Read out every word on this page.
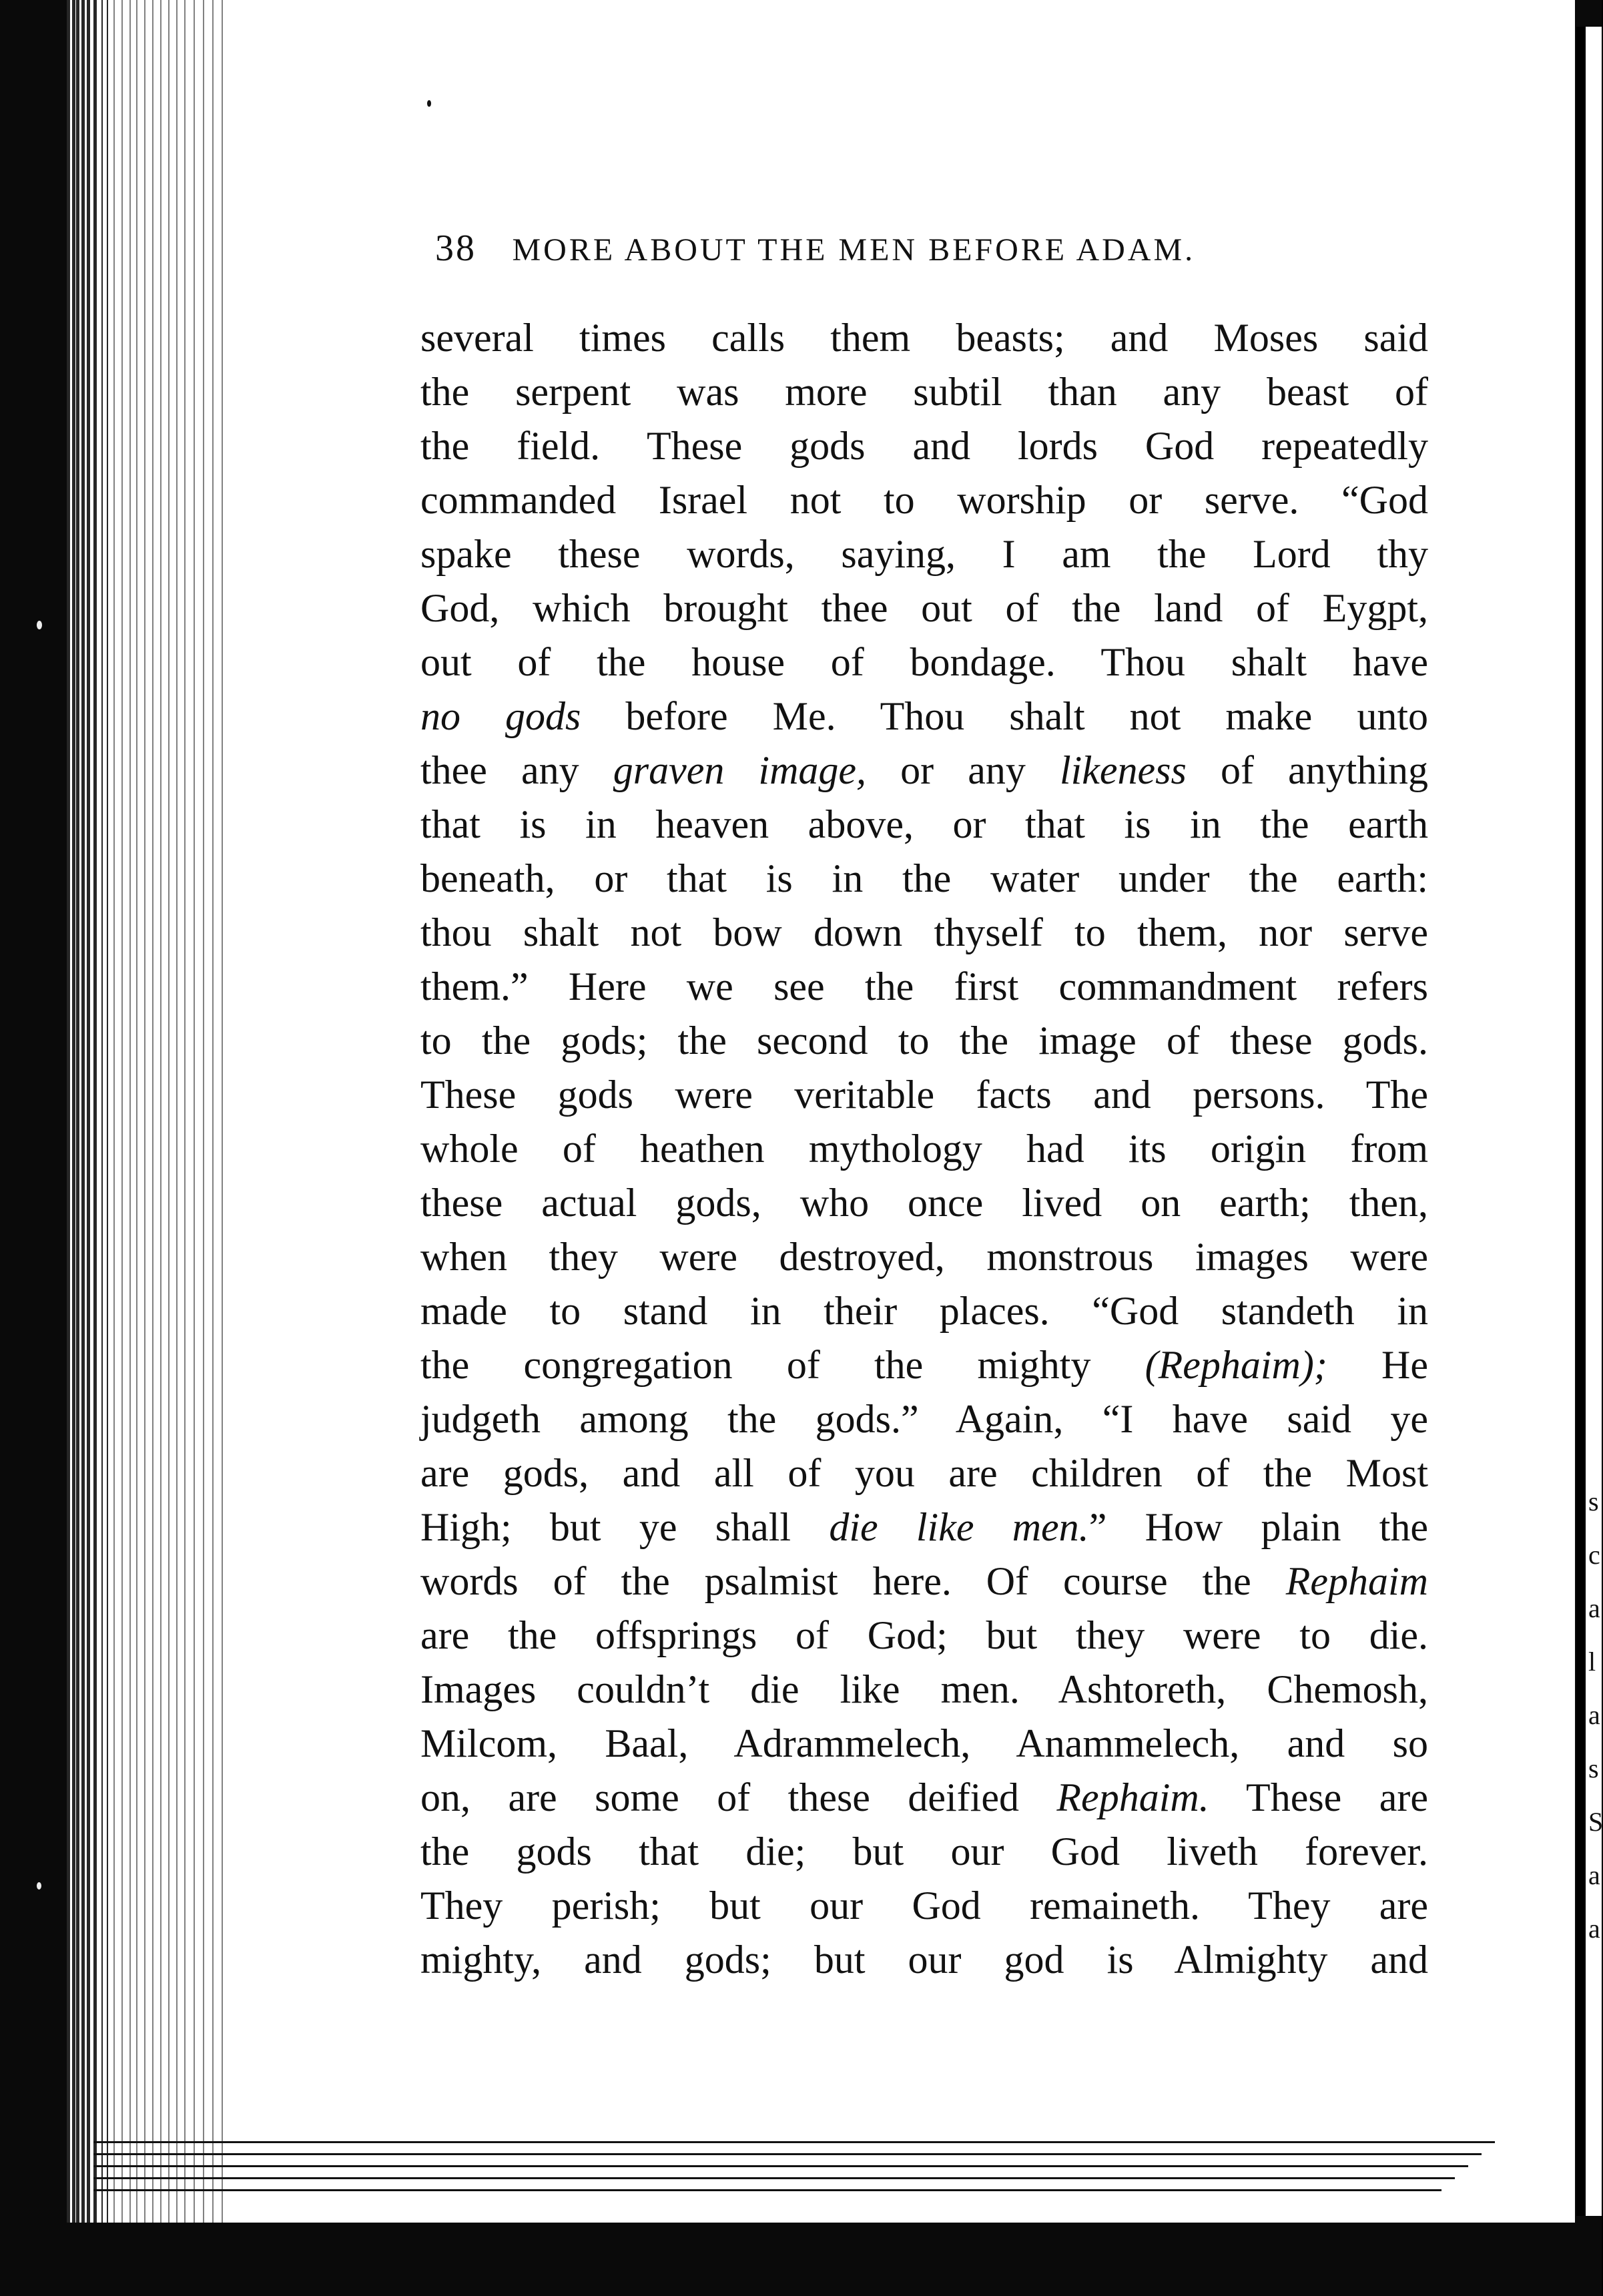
s
c
a
l
a
s
S
a
a
38 MORE ABOUT THE MEN BEFORE ADAM.
several times calls them beasts; and Moses said
the serpent was more subtil than any beast of
the field. These gods and lords God repeatedly
commanded Israel not to worship or serve. “God
spake these words, saying, I am the Lord thy
God, which brought thee out of the land of Eygpt,
out of the house of bondage. Thou shalt have
no gods before Me. Thou shalt not make unto
thee any graven image, or any likeness of anything
that is in heaven above, or that is in the earth
beneath, or that is in the water under the earth:
thou shalt not bow down thyself to them, nor serve
them.” Here we see the first commandment refers
to the gods; the second to the image of these gods.
These gods were veritable facts and persons. The
whole of heathen mythology had its origin from
these actual gods, who once lived on earth; then,
when they were destroyed, monstrous images were
made to stand in their places. “God standeth in
the congregation of the mighty (Rephaim); He
judgeth among the gods.” Again, “I have said ye
are gods, and all of you are children of the Most
High; but ye shall die like men.” How plain the
words of the psalmist here. Of course the Rephaim
are the offsprings of God; but they were to die.
Images couldn’t die like men. Ashtoreth, Chemosh,
Milcom, Baal, Adrammelech, Anammelech, and so
on, are some of these deified Rephaim. These are
the gods that die; but our God liveth forever.
They perish; but our God remaineth. They are
mighty, and gods; but our god is Almighty and
